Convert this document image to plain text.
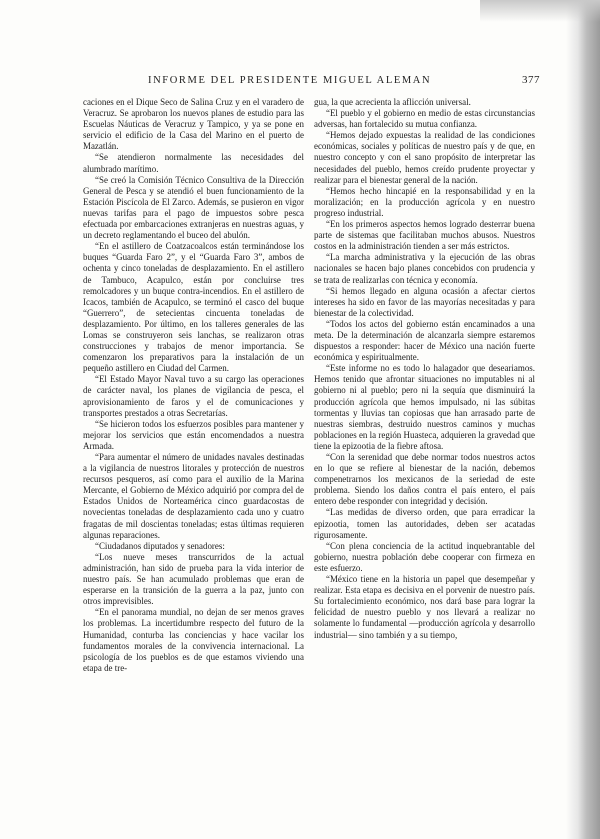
INFORME DEL PRESIDENTE MIGUEL ALEMAN	377

caciones en el Dique Seco de Salina Cruz y en el varadero de Veracruz. Se aprobaron los nuevos planes de estudio para las Escuelas Náuticas de Veracruz y Tampico, y ya se pone en servicio el edificio de la Casa del Marino en el puerto de Mazatlán.

“Se atendieron normalmente las necesidades del alumbrado marítimo.

“Se creó la Comisión Técnico Consultiva de la Dirección General de Pesca y se atendió el buen funcionamiento de la Estación Piscícola de El Zarco. Además, se pusieron en vigor nuevas tarifas para el pago de impuestos sobre pesca efectuada por embarcaciones extranjeras en nuestras aguas, y un decreto reglamentando el buceo del abulón.

“En el astillero de Coatzacoalcos están terminándose los buques “Guarda Faro 2”, y el “Guarda Faro 3”, ambos de ochenta y cinco toneladas de desplazamiento. En el astillero de Tambuco, Acapulco, están por concluirse tres remolcadores y un buque contra-incendios. En el astillero de Icacos, también de Acapulco, se terminó el casco del buque “Guerrero”, de setecientas cincuenta toneladas de desplazamiento. Por último, en los talleres generales de las Lomas se construyeron seis lanchas, se realizaron otras construcciones y trabajos de menor importancia. Se comenzaron los preparativos para la instalación de un pequeño astillero en Ciudad del Carmen.

“El Estado Mayor Naval tuvo a su cargo las operaciones de carácter naval, los planes de vigilancia de pesca, el aprovisionamiento de faros y el de comunicaciones y transportes prestados a otras Secretarías.

“Se hicieron todos los esfuerzos posibles para mantener y mejorar los servicios que están encomendados a nuestra Armada.

“Para aumentar el número de unidades navales destinadas a la vigilancia de nuestros litorales y protección de nuestros recursos pesqueros, así como para el auxilio de la Marina Mercante, el Gobierno de México adquirió por compra del de Estados Unidos de Norteamérica cinco guardacostas de novecientas toneladas de desplazamiento cada uno y cuatro fragatas de mil doscientas toneladas; estas últimas requieren algunas reparaciones.

“Ciudadanos diputados y senadores:

“Los nueve meses transcurridos de la actual administración, han sido de prueba para la vida interior de nuestro país. Se han acumulado problemas que eran de esperarse en la transición de la guerra a la paz, junto con otros imprevisibles.

“En el panorama mundial, no dejan de ser menos graves los problemas. La incertidumbre respecto del futuro de la Humanidad, conturba las conciencias y hace vacilar los fundamentos morales de la convivencia internacional. La psicología de los pueblos es de que estamos viviendo una etapa de tre-

gua, la que acrecienta la aflicción universal.

“El pueblo y el gobierno en medio de estas circunstancias adversas, han fortalecido su mutua confianza.

“Hemos dejado expuestas la realidad de las condiciones económicas, sociales y políticas de nuestro país y de que, en nuestro concepto y con el sano propósito de interpretar las necesidades del pueblo, hemos creído prudente proyectar y realizar para el bienestar general de la nación.

“Hemos hecho hincapié en la responsabilidad y en la moralización; en la producción agrícola y en nuestro progreso industrial.

“En los primeros aspectos hemos logrado desterrar buena parte de sistemas que facilitaban muchos abusos. Nuestros costos en la administración tienden a ser más estrictos.

“La marcha administrativa y la ejecución de las obras nacionales se hacen bajo planes concebidos con prudencia y se trata de realizarlas con técnica y economía.

“Si hemos llegado en alguna ocasión a afectar ciertos intereses ha sido en favor de las mayorías necesitadas y para bienestar de la colectividad.

“Todos los actos del gobierno están encaminados a una meta. De la determinación de alcanzarla siempre estaremos dispuestos a responder: hacer de México una nación fuerte económica y espiritualmente.

“Este informe no es todo lo halagador que deseariamos. Hemos tenido que afrontar situaciones no imputables ni al gobierno ni al pueblo; pero ni la sequía que disminuirá la producción agrícola que hemos impulsado, ni las súbitas tormentas y lluvias tan copiosas que han arrasado parte de nuestras siembras, destruido nuestros caminos y muchas poblaciones en la región Huasteca, adquieren la gravedad que tiene la epizootia de la fiebre aftosa.

“Con la serenidad que debe normar todos nuestros actos en lo que se refiere al bienestar de la nación, debemos compenetrarnos los mexicanos de la seriedad de este problema. Siendo los daños contra el país entero, el país entero debe responder con integridad y decisión.

“Las medidas de diverso orden, que para erradicar la epizootia, tomen las autoridades, deben ser acatadas rigurosamente.

“Con plena conciencia de la actitud inquebrantable del gobierno, nuestra población debe cooperar con firmeza en este esfuerzo.

“México tiene en la historia un papel que desempeñar y realizar. Esta etapa es decisiva en el porvenir de nuestro país. Su fortalecimiento económico, nos dará base para lograr la felicidad de nuestro pueblo y nos llevará a realizar no solamente lo fundamental —producción agrícola y desarrollo industrial— sino también y a su tiempo,
